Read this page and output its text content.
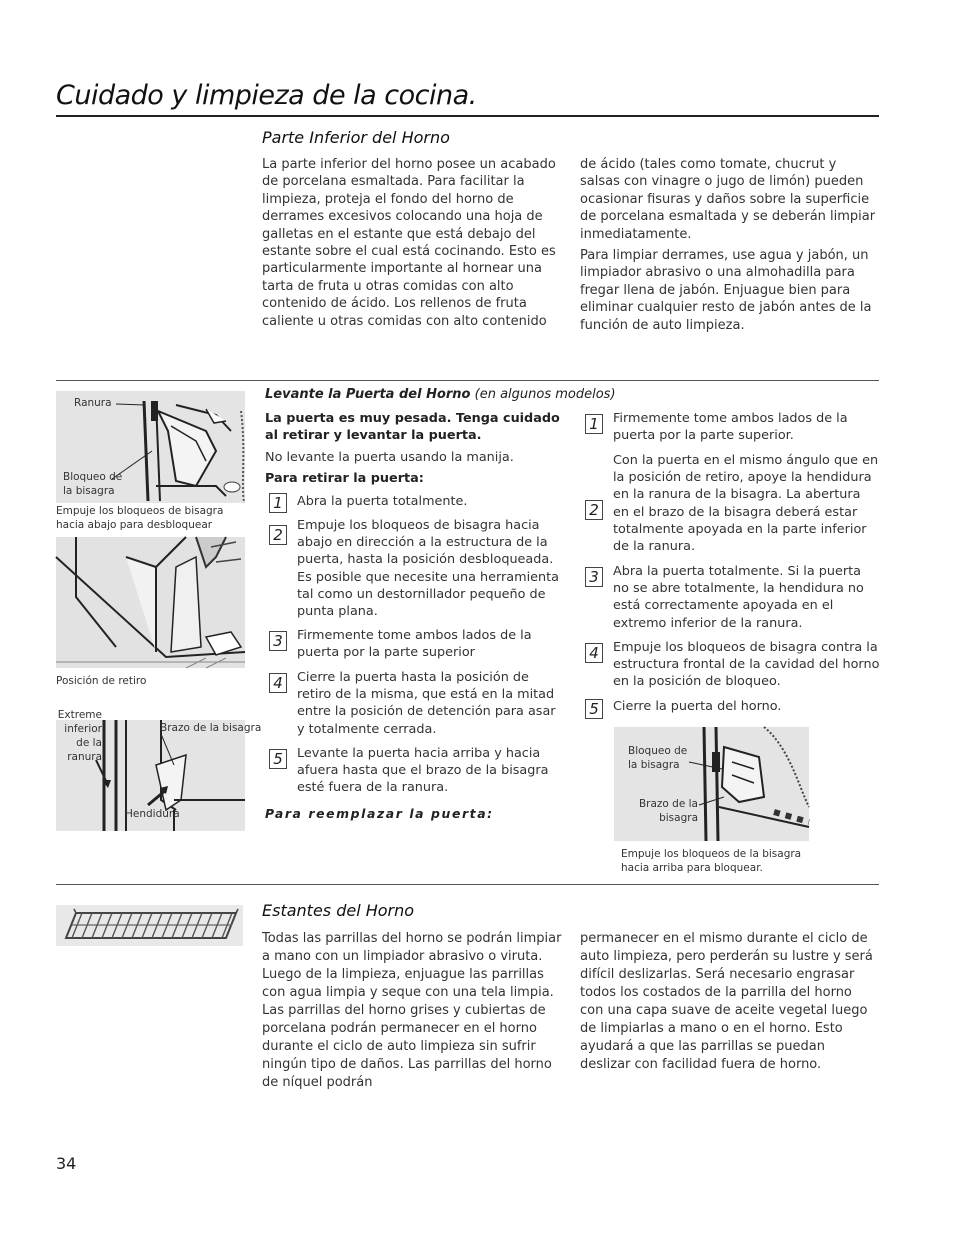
Cuidado y limpieza de la cocina.
Parte Inferior del Horno

La parte inferior del horno posee un acabado de porcelana esmaltada. Para facilitar la limpieza, proteja el fondo del horno de derrames excesivos colocando una hoja de galletas en el estante que está debajo del estante sobre el cual está cocinando. Esto es particularmente importante al hornear una tarta de fruta u otras comidas con alto contenido de ácido. Los rellenos de fruta caliente u otras comidas con alto contenido

de ácido (tales como tomate, chucrut y salsas con vinagre o jugo de limón) pueden ocasionar fisuras y daños sobre la superficie de porcelana esmaltada y se deberán limpiar inmediatamente.

Para limpiar derrames, use agua y jabón, un limpiador abrasivo o una almohadilla para fregar llena de jabón. Enjuague bien para eliminar cualquier resto de jabón antes de la función de auto limpieza.

Ranura
Bloqueo de
la bisagra
Empuje los bloqueos de bisagra hacia abajo para desbloquear
Posición de retiro
Extreme
inferior
de la
ranura
Brazo de la bisagra
Hendidura
Levante la Puerta del Horno (en algunos modelos)
La puerta es muy pesada. Tenga cuidado al retirar y levantar la puerta.
No levante la puerta usando la manija.
Para retirar la puerta:
1	Abra la puerta totalmente.
2	Empuje los bloqueos de bisagra hacia abajo en dirección a la estructura de la puerta, hasta la posición desbloqueada. Es posible que necesite una herramienta tal como un destornillador pequeño de punta plana.
3	Firmemente tome ambos lados de la puerta por la parte superior
4	Cierre la puerta hasta la posición de retiro de la misma, que está en la mitad entre la posición de detención para asar y totalmente cerrada.
5	Levante la puerta hacia arriba y hacia afuera hasta que el brazo de la bisagra esté fuera de la ranura.
Para reemplazar la puerta:
1	Firmemente tome ambos lados de la puerta por la parte superior.
2
Con la puerta en el mismo ángulo que en la posición de retiro, apoye la hendidura en la ranura de la bisagra. La abertura en el brazo de la bisagra deberá estar totalmente apoyada en la parte inferior de la ranura.
3	Abra la puerta totalmente. Si la puerta no se abre totalmente, la hendidura no está correctamente apoyada en el extremo inferior de la ranura.
4	Empuje los bloqueos de bisagra contra la estructura frontal de la cavidad del horno en la posición de bloqueo.
5	Cierre la puerta del horno.
Bloqueo de
la bisagra
Brazo de la
bisagra
Empuje los bloqueos de la bisagra hacia arriba para bloquear.
Estantes del Horno
Todas las parrillas del horno se podrán limpiar a mano con un limpiador abrasivo o viruta. Luego de la limpieza, enjuague las parrillas con agua limpia y seque con una tela limpia. Las parrillas del horno grises y cubiertas de porcelana podrán permanecer en el horno durante el ciclo de auto limpieza sin sufrir ningún tipo de daños. Las parrillas del horno de níquel podrán
permanecer en el mismo durante el ciclo de auto limpieza, pero perderán su lustre y será difícil deslizarlas. Será necesario engrasar todos los costados de la parrilla del horno con una capa suave de aceite vegetal luego de limpiarlas a mano o en el horno. Esto ayudará a que las parrillas se puedan deslizar con facilidad fuera de horno.
34
